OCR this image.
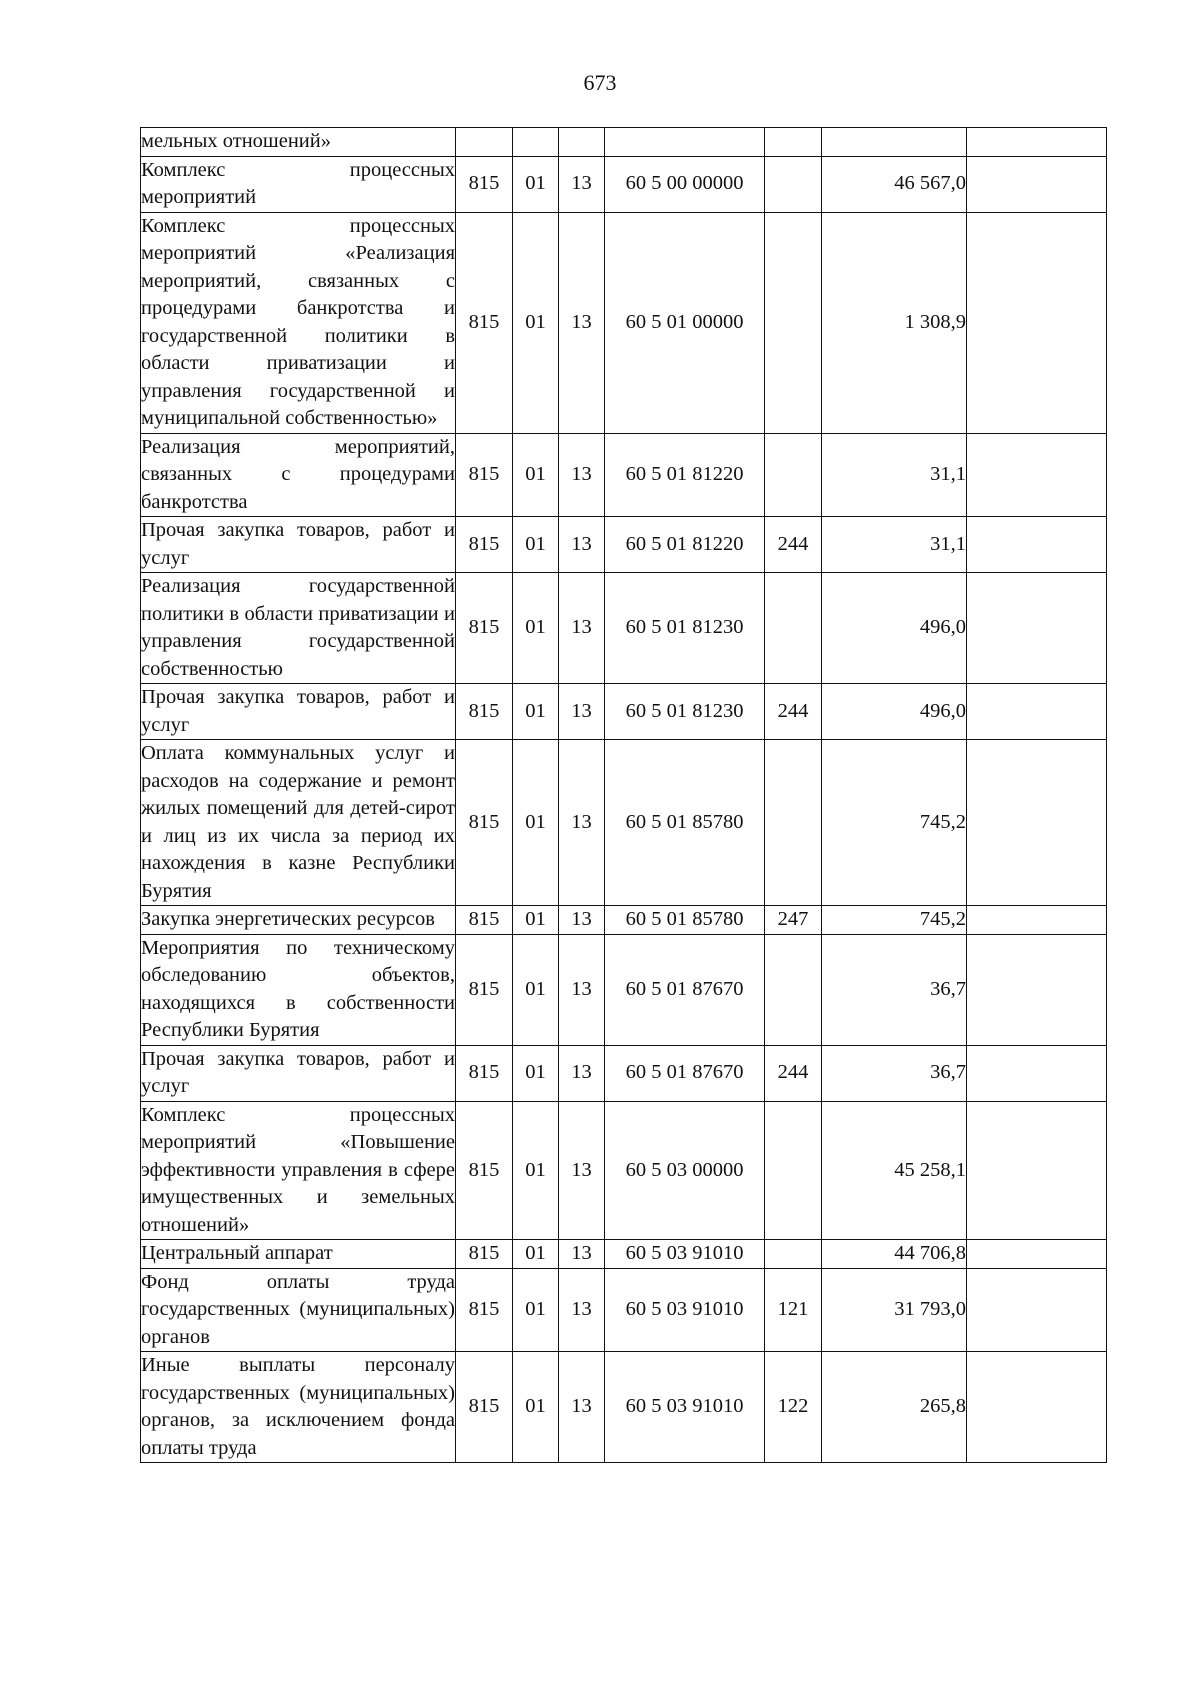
673
мельных отношений»							
Комплекс процессных мероприятий	815	01	13	60 5 00 00000		46 567,0	
Комплекс процессных мероприятий «Реализация мероприятий, связанных с процедурами банкротства и государственной политики в области приватизации и управления государственной и муниципальной собственностью»	815	01	13	60 5 01 00000		1 308,9	
Реализация мероприятий, связанных с процедурами банкротства	815	01	13	60 5 01 81220		31,1	
Прочая закупка товаров, работ и услуг	815	01	13	60 5 01 81220	244	31,1	
Реализация государственной политики в области приватизации и управления государственной собственностью	815	01	13	60 5 01 81230		496,0	
Прочая закупка товаров, работ и услуг	815	01	13	60 5 01 81230	244	496,0	
Оплата коммунальных услуг и расходов на содержание и ремонт жилых помещений для детей-сирот и лиц из их числа за период их нахождения в казне Республики Бурятия	815	01	13	60 5 01 85780		745,2	
Закупка энергетических ресурсов	815	01	13	60 5 01 85780	247	745,2	
Мероприятия по техническому обследованию объектов, находящихся в собственности Республики Бурятия	815	01	13	60 5 01 87670		36,7	
Прочая закупка товаров, работ и услуг	815	01	13	60 5 01 87670	244	36,7	
Комплекс процессных мероприятий «Повышение эффективности управления в сфере имущественных и земельных отношений»	815	01	13	60 5 03 00000		45 258,1	
Центральный аппарат	815	01	13	60 5 03 91010		44 706,8	
Фонд оплаты труда государственных (муниципальных) органов	815	01	13	60 5 03 91010	121	31 793,0	
Иные выплаты персоналу государственных (муниципальных) органов, за исключением фонда оплаты труда	815	01	13	60 5 03 91010	122	265,8	
